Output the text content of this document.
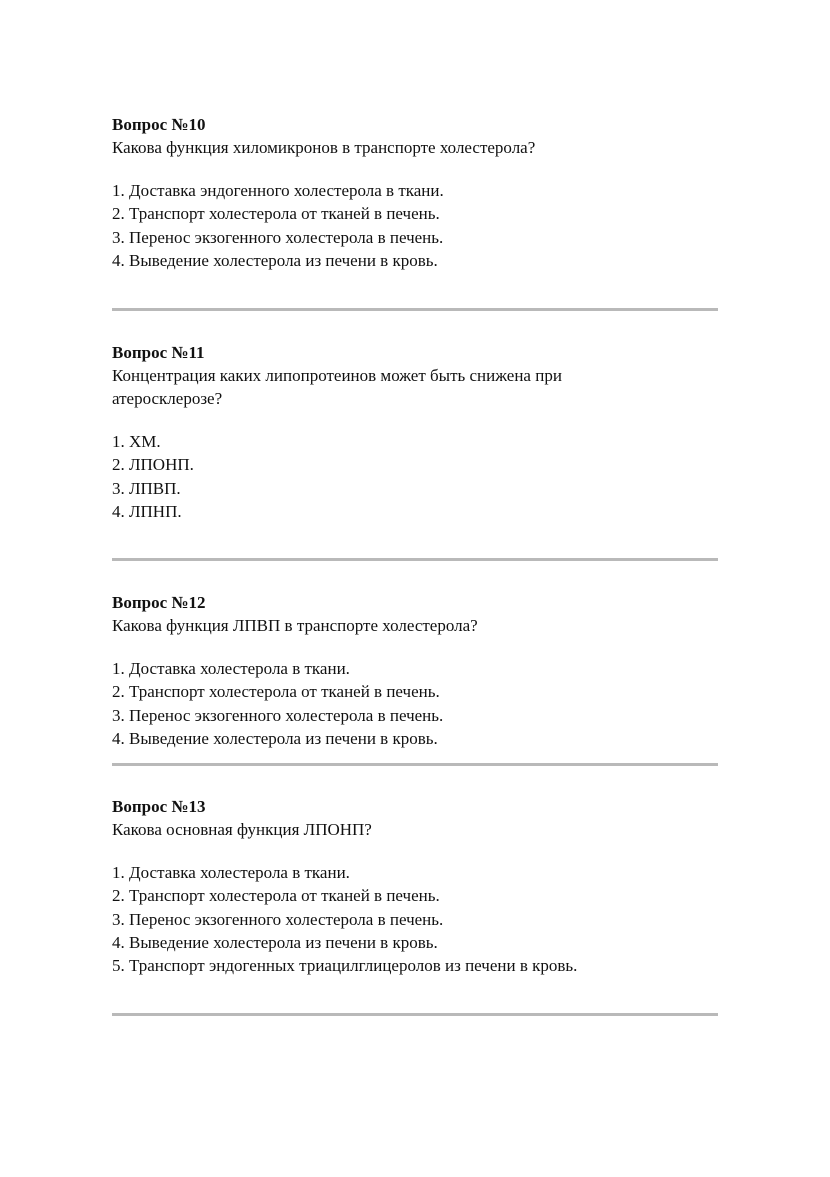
Вопрос №10
Какова функция хиломикронов в транспорте холестерола?
1. Доставка эндогенного холестерола в ткани.
2. Транспорт холестерола от тканей в печень.
3. Перенос экзогенного холестерола в печень.
4. Выведение холестерола из печени в кровь.
Вопрос №11
Концентрация каких липопротеинов может быть снижена при атеросклерозе?
1. ХМ.
2. ЛПОНП.
3. ЛПВП.
4. ЛПНП.
Вопрос №12
Какова функция ЛПВП в транспорте холестерола?
1. Доставка холестерола в ткани.
2. Транспорт холестерола от тканей в печень.
3. Перенос экзогенного холестерола в печень.
4. Выведение холестерола из печени в кровь.
Вопрос №13
Какова основная функция ЛПОНП?
1. Доставка холестерола в ткани.
2. Транспорт холестерола от тканей в печень.
3. Перенос экзогенного холестерола в печень.
4. Выведение холестерола из печени в кровь.
5. Транспорт эндогенных триацилглицеролов из печени в кровь.
